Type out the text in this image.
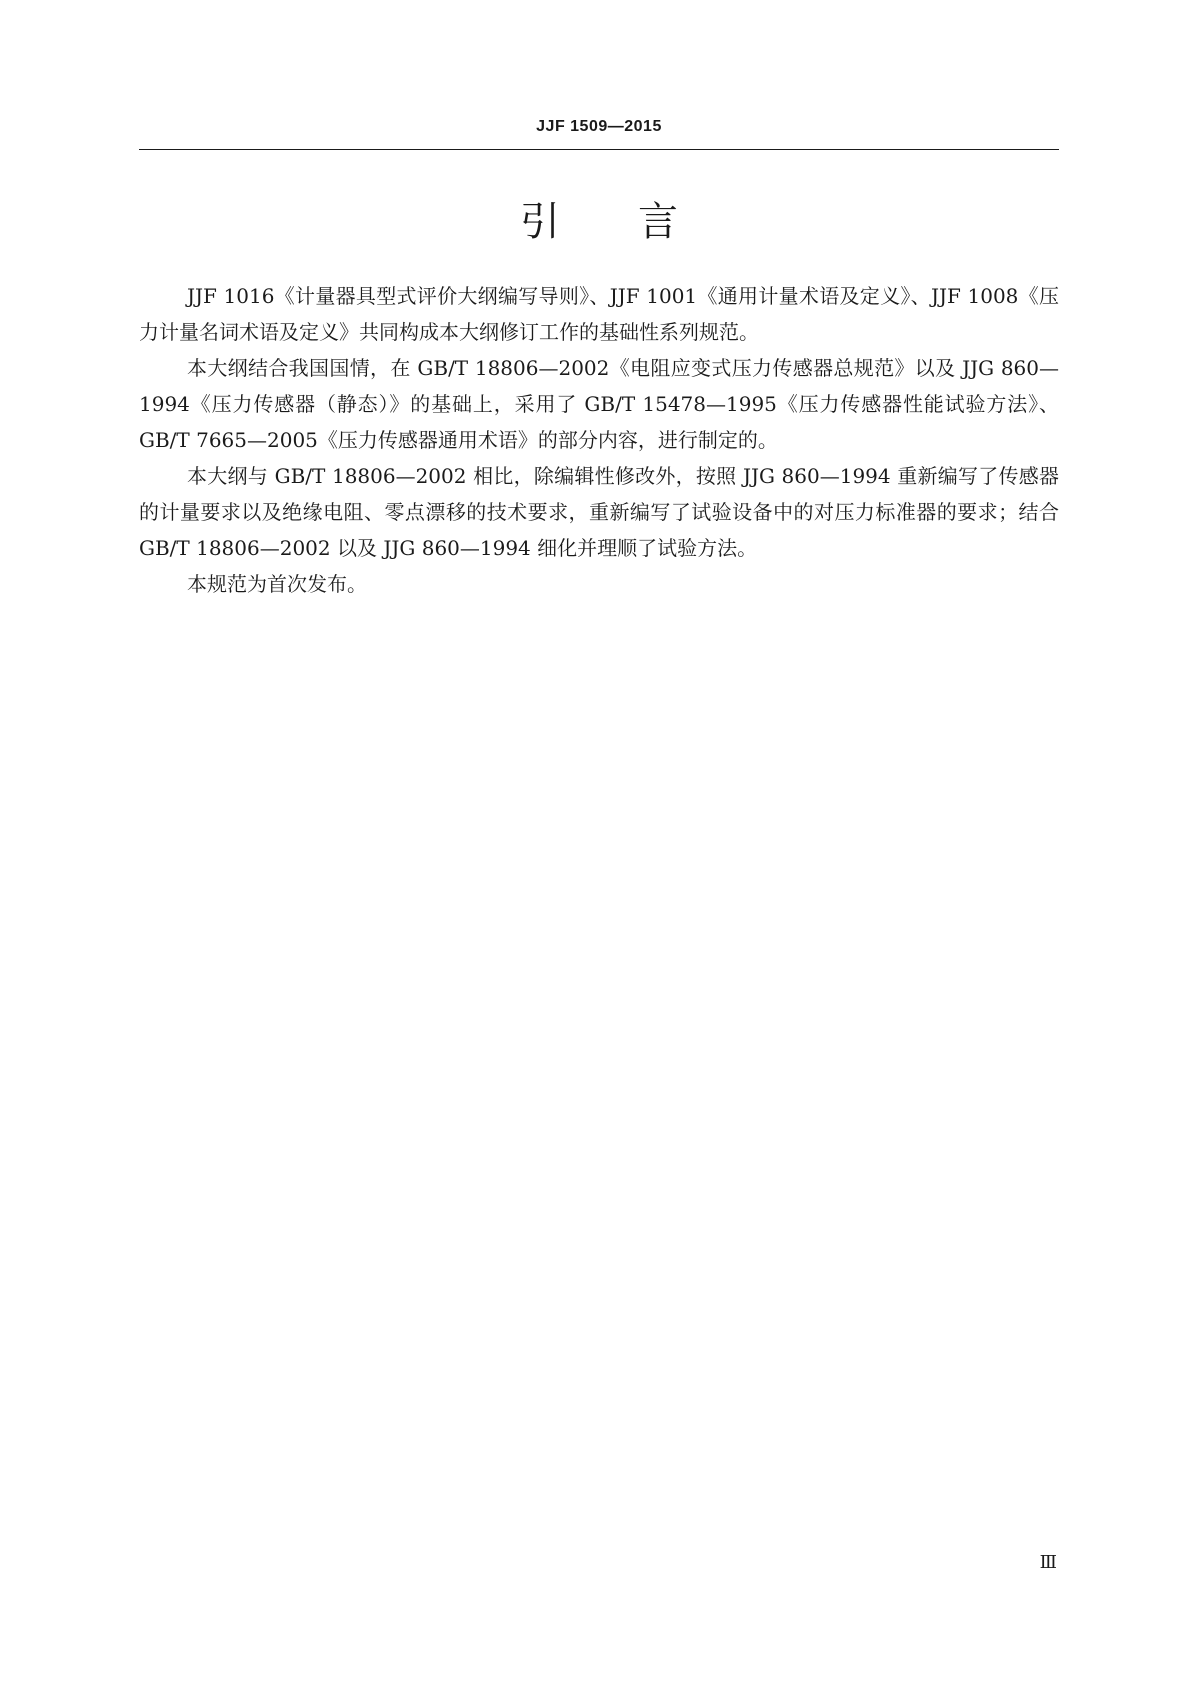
JJF 1509—2015
引 言

JJF 1016《计量器具型式评价大纲编写导则》、JJF 1001《通用计量术语及定义》、JJF 1008《压力计量名词术语及定义》共同构成本大纲修订工作的基础性系列规范。

本大纲结合我国国情，在 GB/T 18806—2002《电阻应变式压力传感器总规范》以及 JJG 860—1994《压力传感器（静态）》的基础上，采用了 GB/T 15478—1995《压力传感器性能试验方法》、GB/T 7665—2005《压力传感器通用术语》的部分内容，进行制定的。

本大纲与 GB/T 18806—2002 相比，除编辑性修改外，按照 JJG 860—1994 重新编写了传感器的计量要求以及绝缘电阻、零点漂移的技术要求，重新编写了试验设备中的对压力标准器的要求；结合 GB/T 18806—2002 以及 JJG 860—1994 细化并理顺了试验方法。

本规范为首次发布。

Ⅲ
